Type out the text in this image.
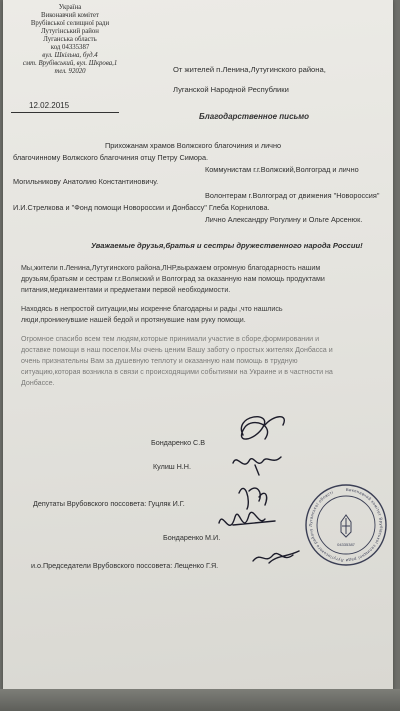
Україна
Виконавчий комітет
Врубівської селищної ради
Лутугінський район
Луганська область
код 04335387
вул. Шкільна, буд.4
смт. Врубівський, вул. Шкрова,1
тел. 92020
12.02.2015
От жителей п.Ленина,Лутугинского района,
Луганской Народной Республики
Благодарственное письмо
Прихожанам храмов Волжского благочиния и лично
благочинному Волжского благочиния отцу Петру Симора.
Коммунистам г.г.Волжский,Волгоград и лично
Могильникову Анатолию Константиновичу.
Волонтерам г.Волгоград от движения "Новороссия"
И.И.Стрелкова и "Фонд помощи Новороссии и Донбассу" Глеба Корнилова.
Лично Александру Рогулину и Ольге Арсенюк.
Уважаемые друзья,братья и сестры дружественного народа России!
Мы,жители п.Ленина,Лутугинского района,ЛНР,выражаем огромную благодарность нашим
друзьям,братьям и сестрам г.г.Волжский и Волгоград за оказанную нам помощь продуктами
питания,медикаментами и предметами первой необходимости.
Находясь в непростой ситуации,мы искренне благодарны и рады ,что нашлись
люди,проникнувшие нашей бедой и протянувшие нам руку помощи.
Огромное спасибо всем тем людям,которые принимали участие в сборе,формировании и
доставке помощи в наш поселок.Мы очень ценим Вашу заботу о простых жителях Донбасса и
очень признательны Вам за душевную теплоту и оказанную нам помощь в трудную
ситуацию,которая возникла в связи с происходящими событиями на Украине и в частности на
Донбассе.
Бондаренко С.В
Кулиш Н.Н.
Депутаты Врубовского поссовета: Гуцляк И.Г.
Бондаренко М.И.
и.о.Председатели Врубовского поссовета: Лещенко Г.Я.
04335387
Виконавчий комітет Врубівської селищної ради Лутугінського району Луганської області
